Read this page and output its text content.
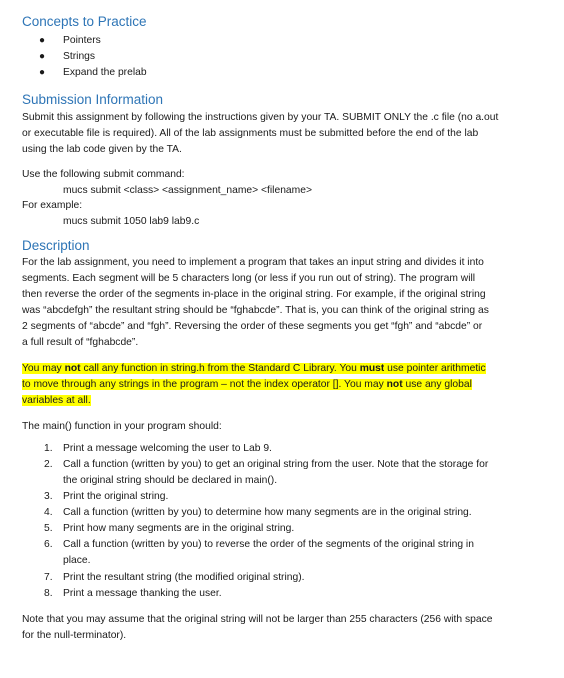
Concepts to Practice
● Pointers
● Strings
● Expand the prelab
Submission Information
Submit this assignment by following the instructions given by your TA. SUBMIT ONLY the .c file (no a.out
or executable file is required). All of the lab assignments must be submitted before the end of the lab
using the lab code given by the TA.
Use the following submit command:
mucs submit <class> <assignment_name> <filename>
For example:
mucs submit 1050 lab9 lab9.c
Description
For the lab assignment, you need to implement a program that takes an input string and divides it into
segments. Each segment will be 5 characters long (or less if you run out of string). The program will
then reverse the order of the segments in-place in the original string. For example, if the original string
was “abcdefgh” the resultant string should be “fghabcde”. That is, you can think of the original string as
2 segments of “abcde” and “fgh”. Reversing the order of these segments you get “fgh” and “abcde” or
a full result of “fghabcde”.
You may not call any function in string.h from the Standard C Library. You must use pointer arithmetic
to move through any strings in the program – not the index operator []. You may not use any global
variables at all.
The main() function in your program should:
1. Print a message welcoming the user to Lab 9.
2. Call a function (written by you) to get an original string from the user. Note that the storage for
the original string should be declared in main().
3. Print the original string.
4. Call a function (written by you) to determine how many segments are in the original string.
5. Print how many segments are in the original string.
6. Call a function (written by you) to reverse the order of the segments of the original string in
place.
7. Print the resultant string (the modified original string).
8. Print a message thanking the user.
Note that you may assume that the original string will not be larger than 255 characters (256 with space
for the null-terminator).
